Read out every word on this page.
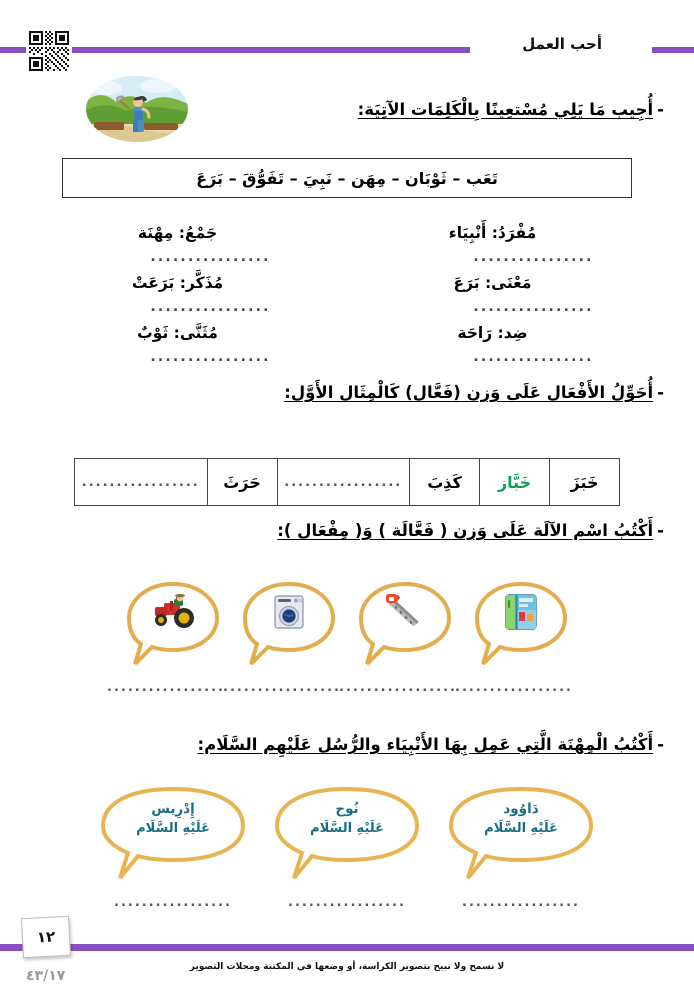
أحب العمل
-أُجِيب مَا يَلِي مُسْتعِينًا بِالْكَلِمَات الآتِيَة:
تَعَب – ثَوْبَان – مِهَن – نَبِيَ – تَفَوُّقَ – بَرَعَ
جَمْعُ: مِهْنَة
................
مُفْرَدُ: أَنْبِيَاء
................
مُذَكَّر: بَرَعَتْ
................
مَعْنَى: بَرَعَ
................
مُثَنَّى: ثَوْبٌ
................
ضِد: رَاحَة
................
-أُحَوِّلُ الأَفْعَال عَلَى وَزن (فَعَّال) كَالْمِثَال الأَوَّل:
خَبَزَ
خَبَّاز
كَذِبَ
.................
حَرَثَ
.................
-أَكْتُبُ اسْم الآلَة عَلَى وَزن ( فَعَّالَة ) وَ( مِفْعَال ):
.................
.................
.................
.................
-أَكْتُبُ الْمِهْنَة الَّتِي عَمِل بِهَا الأَنْبِيَاء والرُّسُل عَلَيْهِم السَّلَام:
إِدْرِيس
عَلَيْهِ السَّلَام
نُوح
عَلَيْهِ السَّلَام
دَاوُود
عَلَيْهِ السَّلَام
.................	.................	.................
١٢
لا نسمح ولا نبيح بتصوير الكراسة، أو وضعها في المكتبة ومحلات التصوير
٤٣/١٧
